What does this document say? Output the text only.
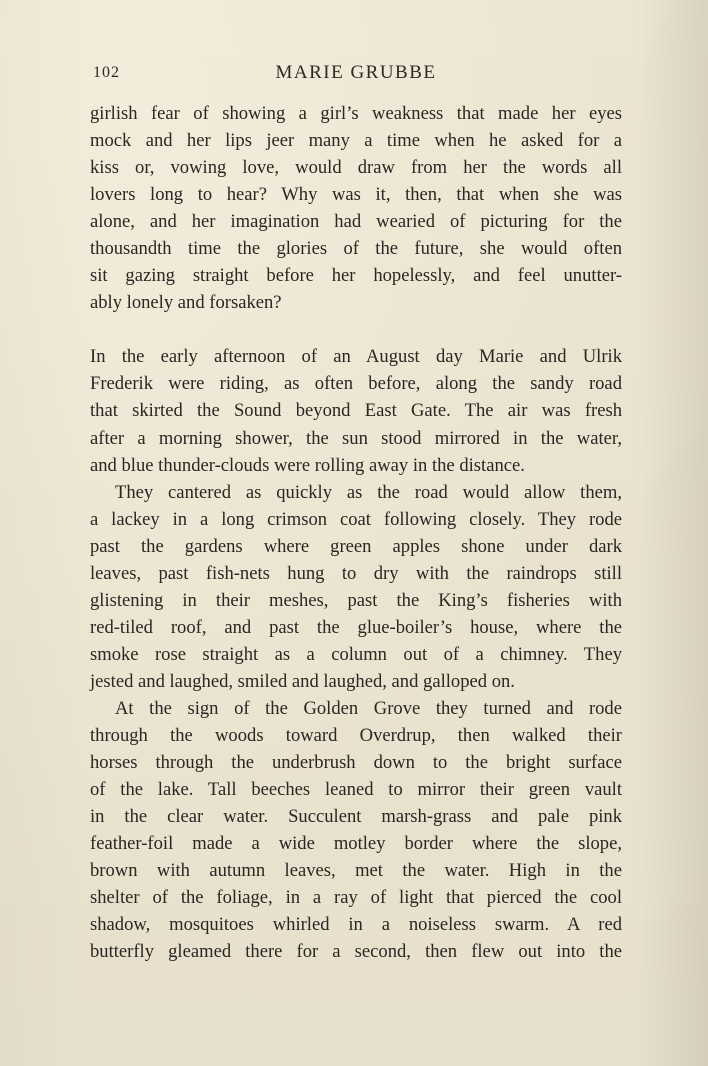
102	MARIE GRUBBE
girlish fear of showing a girl’s weakness that made her eyes
mock and her lips jeer many a time when he asked for a
kiss or, vowing love, would draw from her the words all
lovers long to hear? Why was it, then, that when she was
alone, and her imagination had wearied of picturing for the
thousandth time the glories of the future, she would often
sit gazing straight before her hopelessly, and feel unutter-
ably lonely and forsaken?
In the early afternoon of an August day Marie and Ulrik
Frederik were riding, as often before, along the sandy road
that skirted the Sound beyond East Gate. The air was fresh
after a morning shower, the sun stood mirrored in the water,
and blue thunder-clouds were rolling away in the distance.
They cantered as quickly as the road would allow them,
a lackey in a long crimson coat following closely. They rode
past the gardens where green apples shone under dark
leaves, past fish-nets hung to dry with the raindrops still
glistening in their meshes, past the King’s fisheries with
red-tiled roof, and past the glue-boiler’s house, where the
smoke rose straight as a column out of a chimney. They
jested and laughed, smiled and laughed, and galloped on.
At the sign of the Golden Grove they turned and rode
through the woods toward Overdrup, then walked their
horses through the underbrush down to the bright surface
of the lake. Tall beeches leaned to mirror their green vault
in the clear water. Succulent marsh-grass and pale pink
feather-foil made a wide motley border where the slope,
brown with autumn leaves, met the water. High in the
shelter of the foliage, in a ray of light that pierced the cool
shadow, mosquitoes whirled in a noiseless swarm. A red
butterfly gleamed there for a second, then flew out into the
